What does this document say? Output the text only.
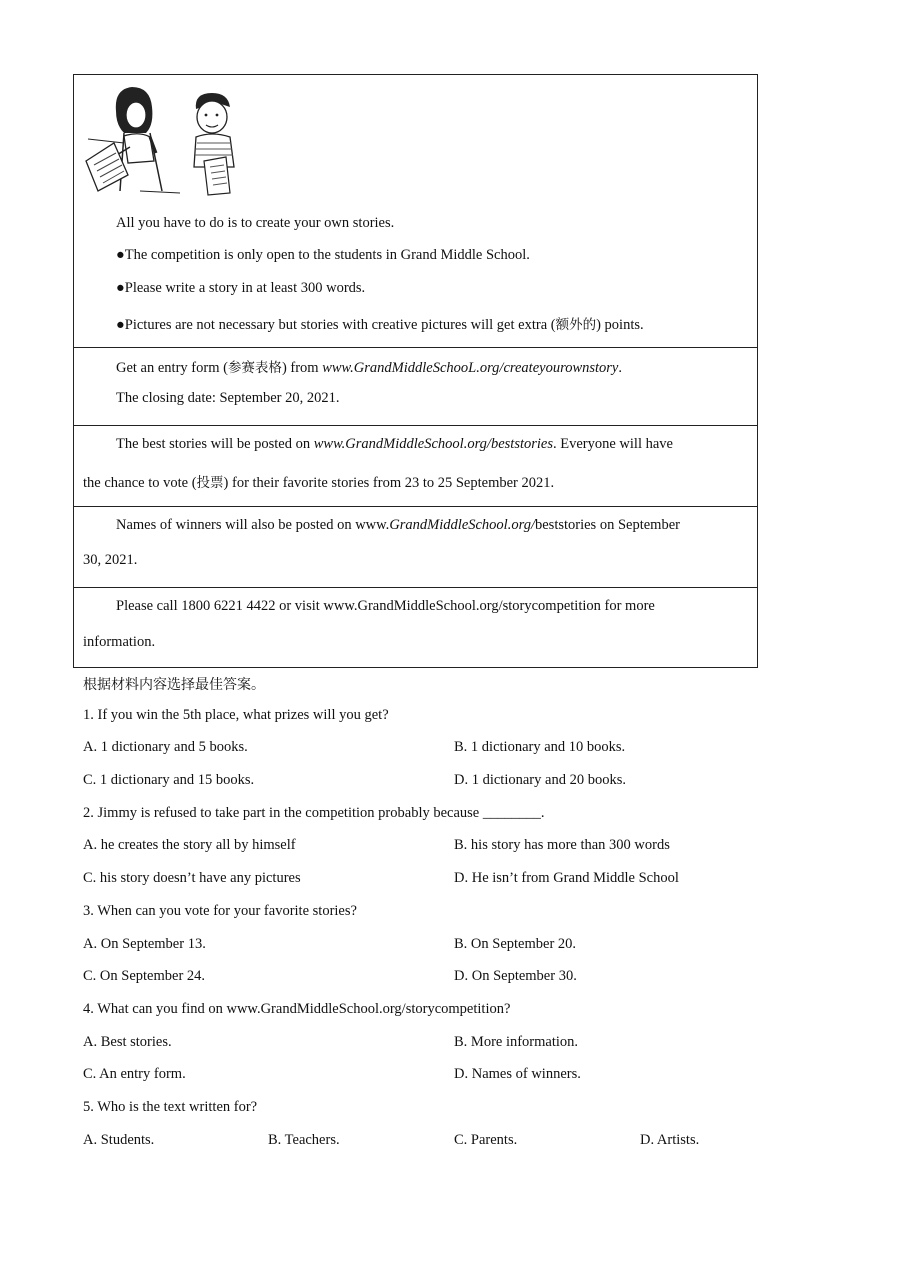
All you have to do is to create your own stories.
●The competition is only open to the students in Grand Middle School.
●Please write a story in at least 300 words.
●Pictures are not necessary but stories with creative pictures will get extra (额外的) points.
Get an entry form (参赛表格) from www.GrandMiddleSchooL.org/createyourownstory.
The closing date: September 20, 2021.
The best stories will be posted on www.GrandMiddleSchool.org/beststories. Everyone will have
the chance to vote (投票) for their favorite stories from 23 to 25 September 2021.
Names of winners will also be posted on www.GrandMiddleSchool.org/beststories on September
30, 2021.
Please call 1800 6221 4422 or visit www.GrandMiddleSchool.org/storycompetition for more
information.
根据材料内容选择最佳答案。
1. If you win the 5th place, what prizes will you get?
A. 1 dictionary and 5 books.	B. 1 dictionary and 10 books.
C. 1 dictionary and 15 books.	D. 1 dictionary and 20 books.
2. Jimmy is refused to take part in the competition probably because ________.
A. he creates the story all by himself	B. his story has more than 300 words
C. his story doesn’t have any pictures	D. He isn’t from Grand Middle School
3. When can you vote for your favorite stories?
A. On September 13.	B. On September 20.
C. On September 24.	D. On September 30.
4. What can you find on www.GrandMiddleSchool.org/storycompetition?
A. Best stories.	B. More information.
C. An entry form.	D. Names of winners.
5. Who is the text written for?
A. Students.	B. Teachers.	C. Parents.	D. Artists.
